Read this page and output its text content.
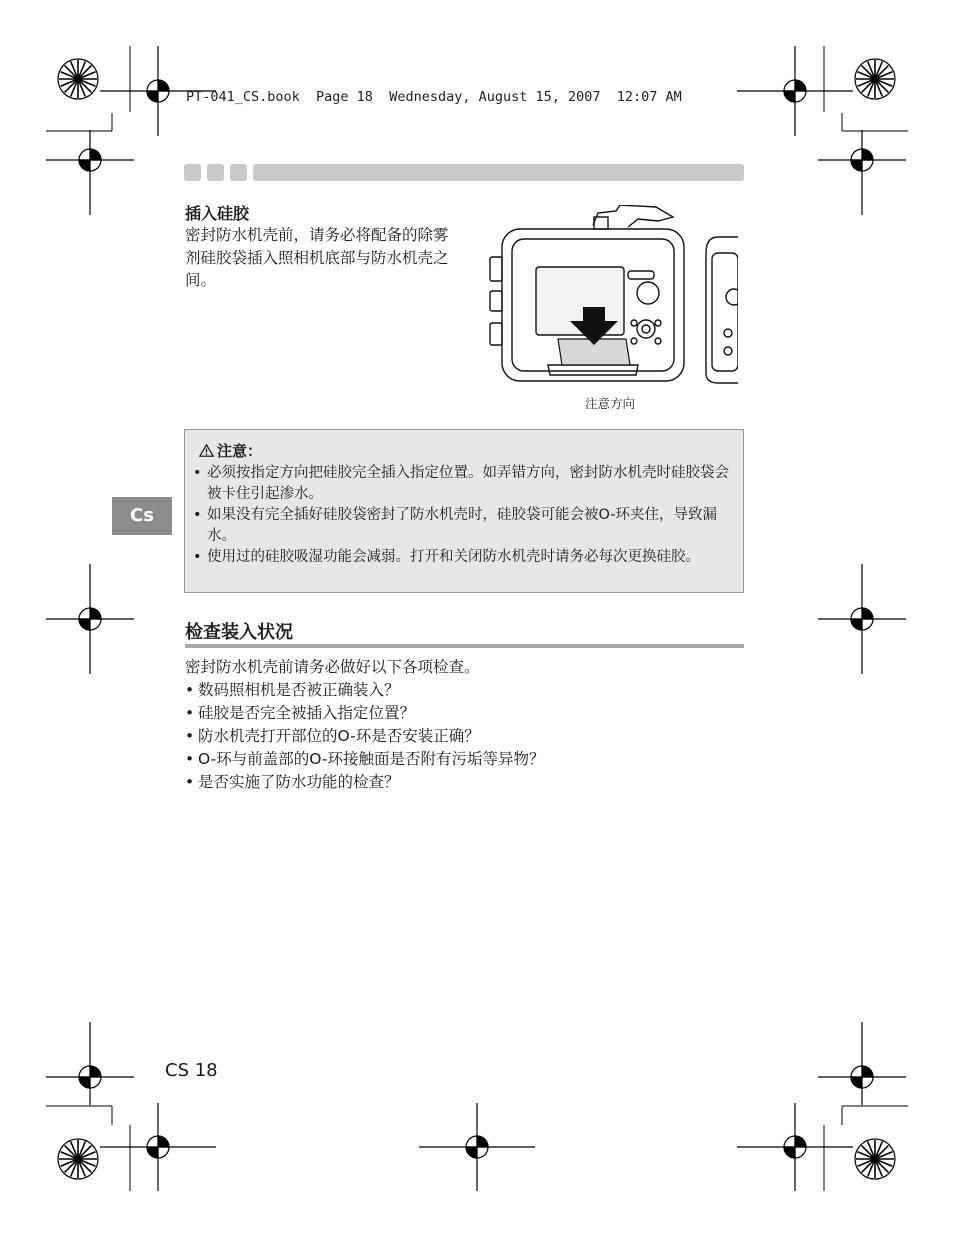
PT-041_CS.book  Page 18  Wednesday, August 15, 2007  12:07 AM
插入硅胶
密封防水机壳前，请务必将配备的除雾剂硅胶袋插入照相机底部与防水机壳之间。
注意方向
注意：
• 必须按指定方向把硅胶完全插入指定位置。如弄错方向，密封防水机壳时硅胶袋会被卡住引起渗水。
• 如果没有完全插好硅胶袋密封了防水机壳时，硅胶袋可能会被O-环夹住，导致漏水。
• 使用过的硅胶吸湿功能会减弱。打开和关闭防水机壳时请务必每次更换硅胶。
Cs
检查装入状况
密封防水机壳前请务必做好以下各项检查。
• 数码照相机是否被正确装入？
• 硅胶是否完全被插入指定位置？
• 防水机壳打开部位的O-环是否安装正确？
• O-环与前盖部的O-环接触面是否附有污垢等异物？
• 是否实施了防水功能的检查？
CS 18
